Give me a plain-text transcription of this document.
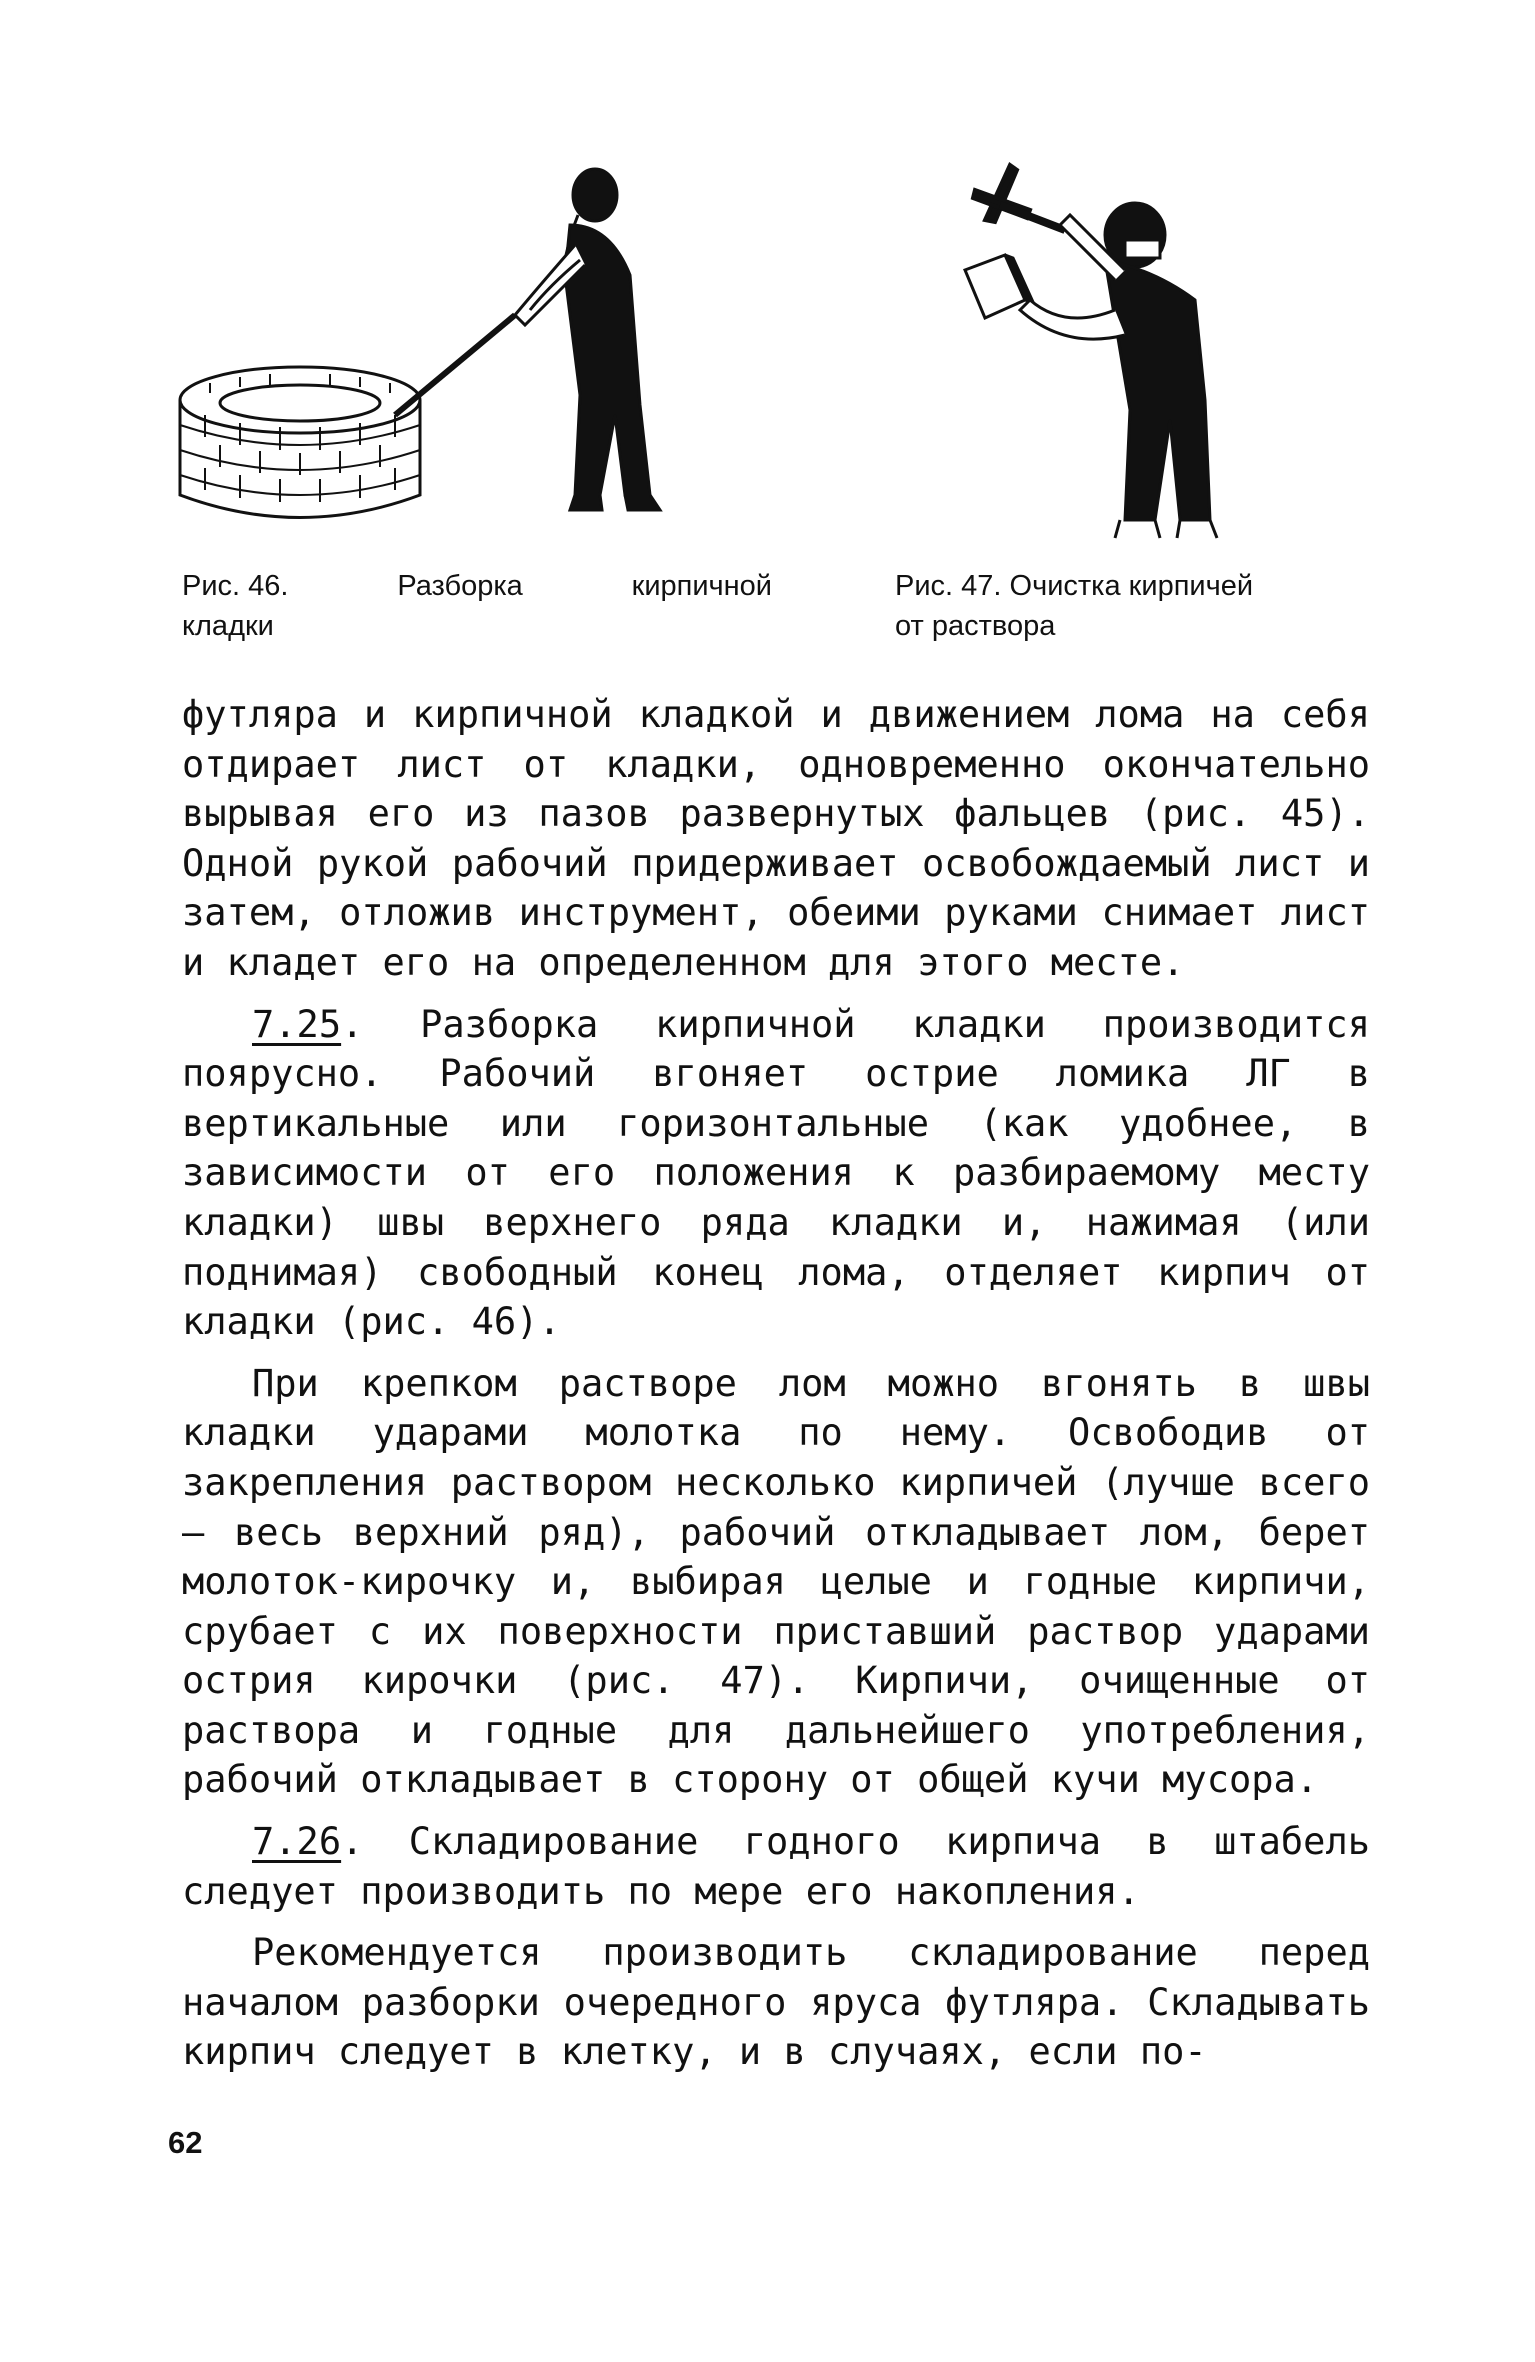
Рис. 46.	Разборка	кирпичной
кладки
Рис. 47. Очистка кирпичей
от раствора

футляра и кирпичной кладкой и движением лома на себя отдирает лист от кладки, одновременно окончательно вырывая его из пазов развернутых фальцев (рис. 45). Одной рукой рабочий придерживает освобождаемый лист и затем, отложив инструмент, обеими руками снимает лист и кладет его на определенном для этого месте.

7.25. Разборка кирпичной кладки производится поярусно. Рабочий вгоняет острие ломика ЛГ в вертикальные или горизонтальные (как удобнее, в зависимости от его положения к разбираемому месту кладки) швы верхнего ряда кладки и, нажимая (или поднимая) свободный конец лома, отделяет кирпич от кладки (рис. 46).

При крепком растворе лом можно вгонять в швы кладки ударами молотка по нему. Освободив от закрепления раствором несколько кирпичей (лучше всего – весь верхний ряд), рабочий откладывает лом, берет молоток-кирочку и, выбирая целые и годные кирпичи, срубает с их поверхности приставший раствор ударами острия кирочки (рис. 47). Кирпичи, очищенные от раствора и годные для дальнейшего употребления, рабочий откладывает в сторону от общей кучи мусора.

7.26. Складирование годного кирпича в штабель следует производить по мере его накопления.

Рекомендуется производить складирование перед началом разборки очередного яруса футляра. Складывать кирпич следует в клетку, и в случаях, если по-

62
